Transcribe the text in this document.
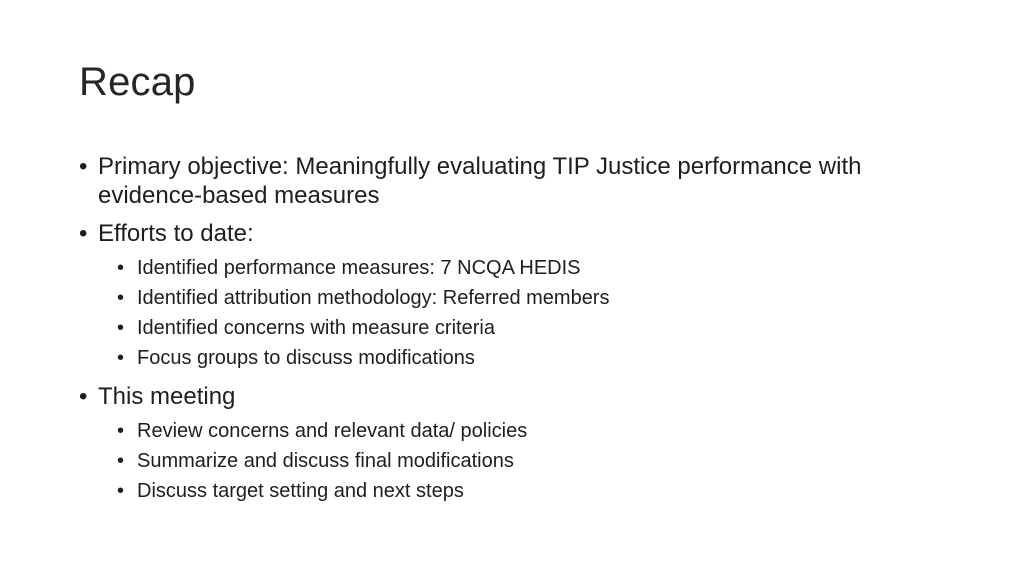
Recap
• Primary objective: Meaningfully evaluating TIP Justice performance with evidence-based measures
• Efforts to date:
• Identified performance measures: 7 NCQA HEDIS
• Identified attribution methodology: Referred members
• Identified concerns with measure criteria
• Focus groups to discuss modifications
• This meeting
• Review concerns and relevant data/ policies
• Summarize and discuss final modifications
• Discuss target setting and next steps
